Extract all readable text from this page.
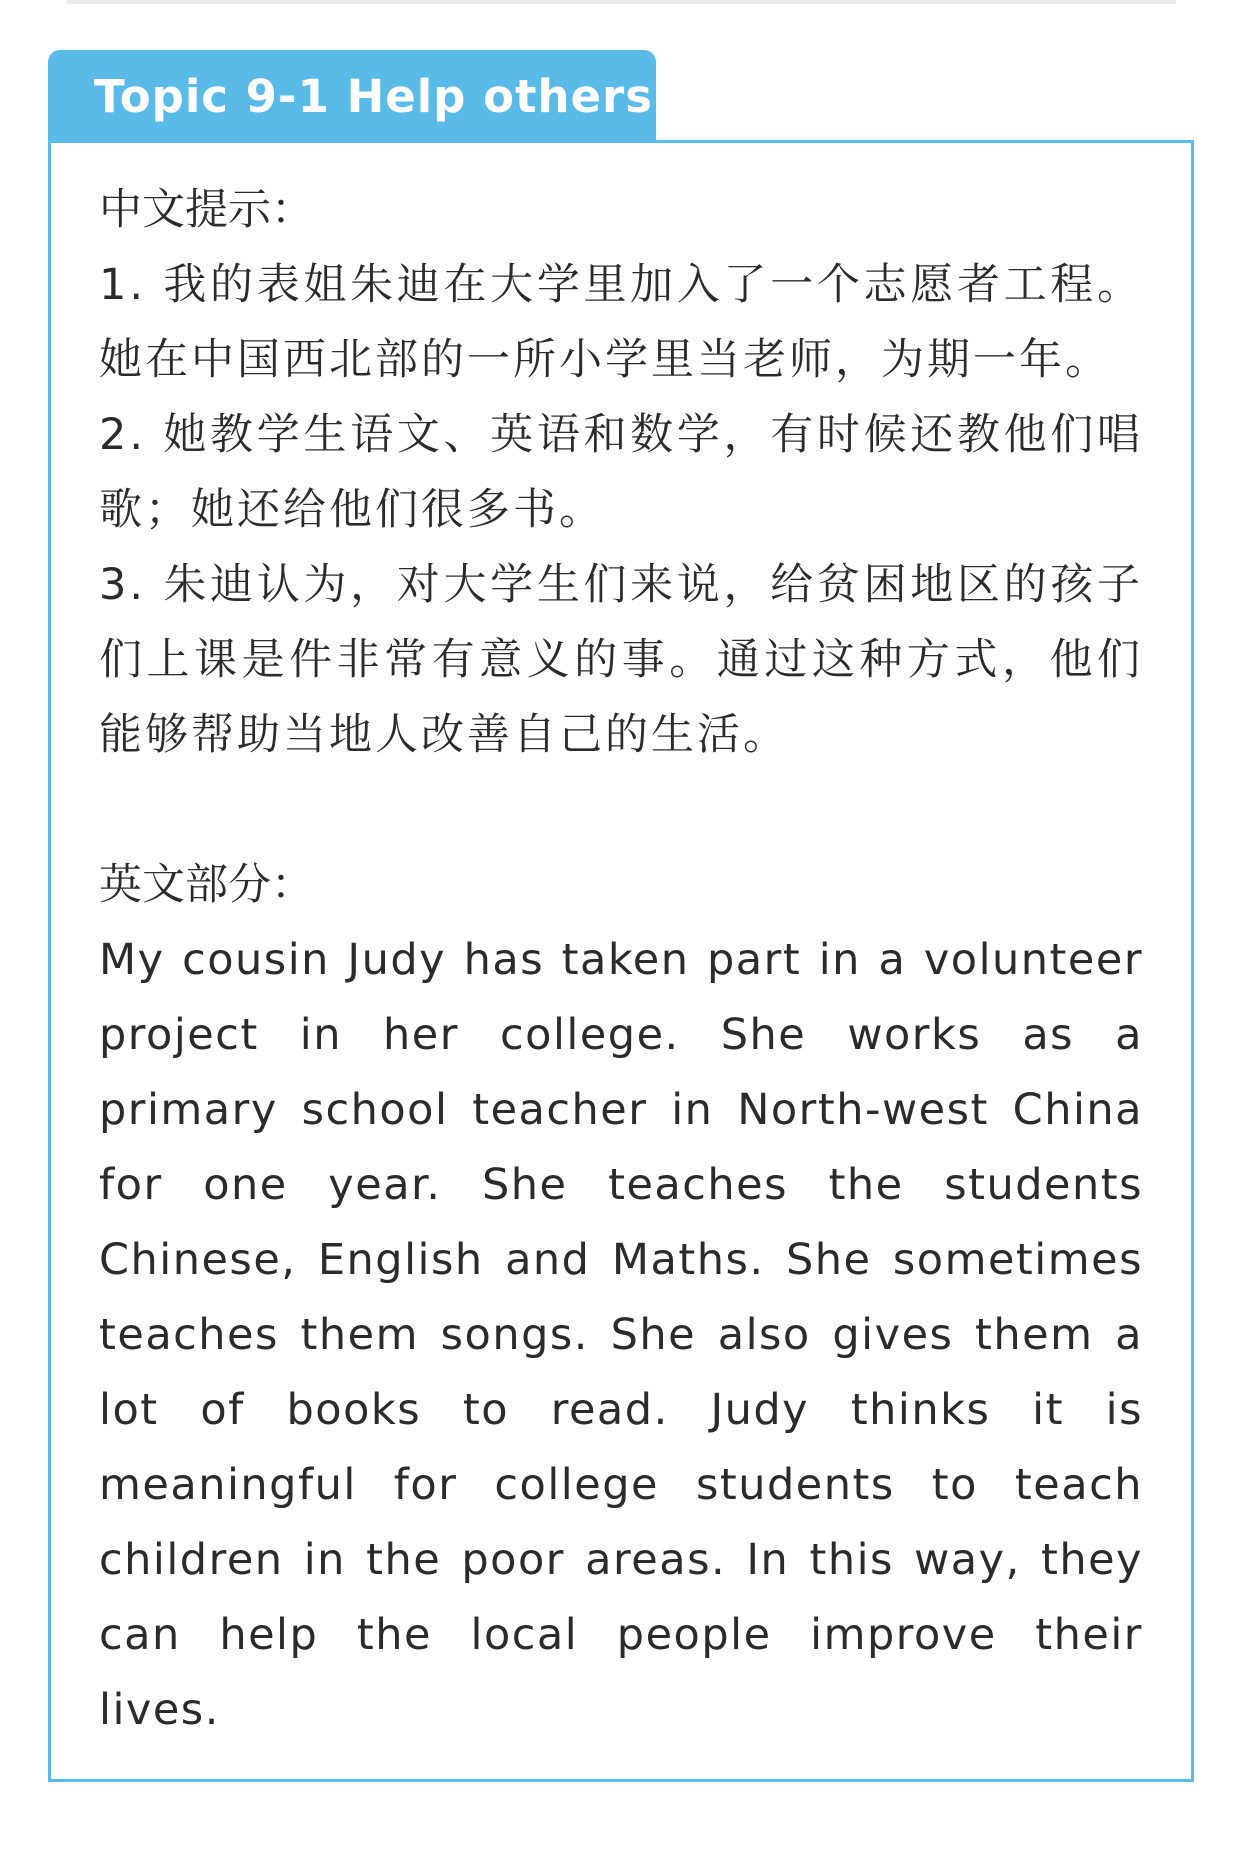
Topic 9-1 Help others

中文提示：

1. 我的表姐朱迪在大学里加入了一个志愿者工程。她在中国西北部的一所小学里当老师，为期一年。

2. 她教学生语文、英语和数学，有时候还教他们唱歌；她还给他们很多书。

3. 朱迪认为，对大学生们来说，给贫困地区的孩子们上课是件非常有意义的事。通过这种方式，他们能够帮助当地人改善自己的生活。

英文部分：

My cousin Judy has taken part in a volunteer project in her college. She works as a primary school teacher in North-west China for one year. She teaches the students Chinese, English and Maths. She sometimes teaches them songs. She also gives them a lot of books to read. Judy thinks it is meaningful for college students to teach children in the poor areas. In this way, they can help the local people improve their lives.
